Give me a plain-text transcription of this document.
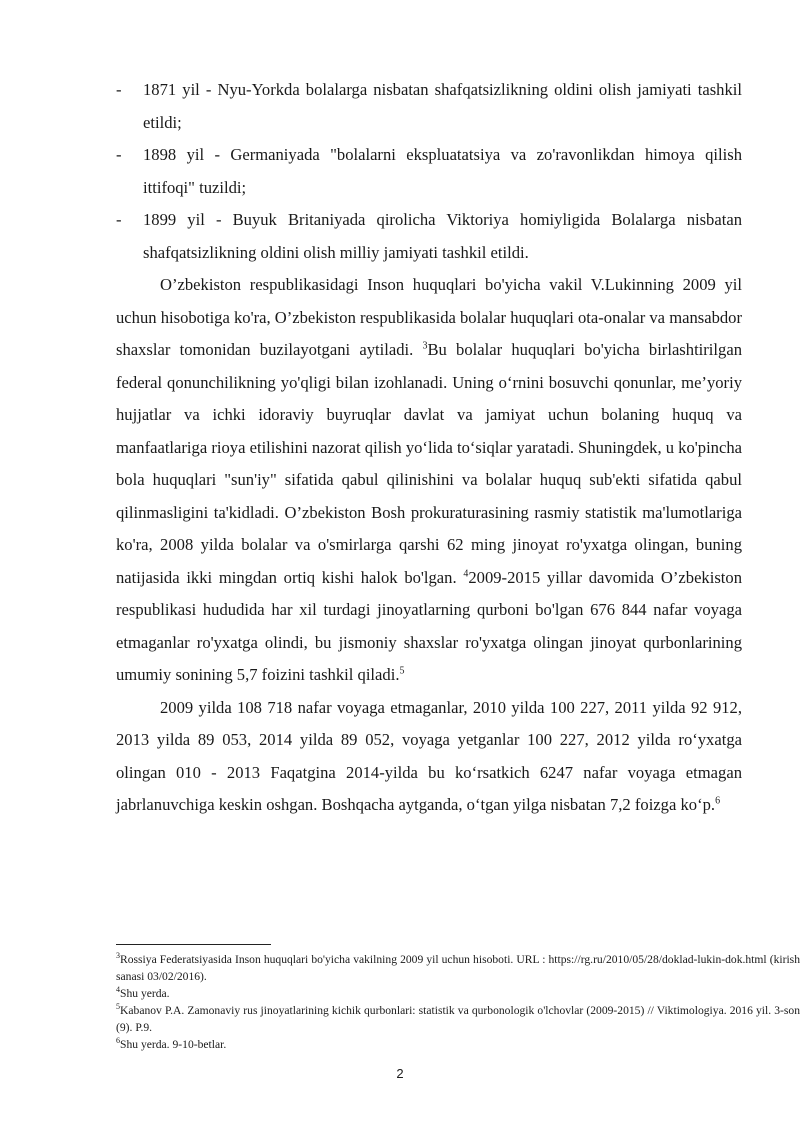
- 1871 yil - Nyu-Yorkda bolalarga nisbatan shafqatsizlikning oldini olish jamiyati tashkil etildi;
- 1898 yil - Germaniyada "bolalarni ekspluatatsiya va zo'ravonlikdan himoya qilish ittifoqi" tuzildi;
- 1899 yil - Buyuk Britaniyada qirolicha Viktoriya homiyligida Bolalarga nisbatan shafqatsizlikning oldini olish milliy jamiyati tashkil etildi.

O’zbekiston respublikasidagi Inson huquqlari bo'yicha vakil V.Lukinning 2009 yil uchun hisobotiga ko'ra, O’zbekiston respublikasida bolalar huquqlari ota-onalar va mansabdor shaxslar tomonidan buzilayotgani aytiladi. $^3$Bu bolalar huquqlari bo'yicha birlashtirilgan federal qonunchilikning yo'qligi bilan izohlanadi. Uning o‘rnini bosuvchi qonunlar, me’yoriy hujjatlar va ichki idoraviy buyruqlar davlat va jamiyat uchun bolaning huquq va manfaatlariga rioya etilishini nazorat qilish yo‘lida to‘siqlar yaratadi. Shuningdek, u ko'pincha bola huquqlari "sun'iy" sifatida qabul qilinishini va bolalar huquq sub'ekti sifatida qabul qilinmasligini ta'kidladi. O’zbekiston Bosh prokuraturasining rasmiy statistik ma'lumotlariga ko'ra, 2008 yilda bolalar va o'smirlarga qarshi 62 ming jinoyat ro'yxatga olingan, buning natijasida ikki mingdan ortiq kishi halok bo'lgan. $^4$2009-2015 yillar davomida O’zbekiston respublikasi hududida har xil turdagi jinoyatlarning qurboni bo'lgan 676 844 nafar voyaga etmaganlar ro'yxatga olindi, bu jismoniy shaxslar ro'yxatga olingan jinoyat qurbonlarining umumiy sonining 5,7 foizini tashkil qiladi.$^5$

2009 yilda 108 718 nafar voyaga etmaganlar, 2010 yilda 100 227, 2011 yilda 92 912, 2013 yilda 89 053, 2014 yilda 89 052, voyaga yetganlar 100 227, 2012 yilda ro‘yxatga olingan 010 - 2013 Faqatgina 2014-yilda bu ko‘rsatkich 6247 nafar voyaga etmagan jabrlanuvchiga keskin oshgan. Boshqacha aytganda, o‘tgan yilga nisbatan 7,2 foizga ko‘p.$^6$

$^3$Rossiya Federatsiyasida Inson huquqlari bo'yicha vakilning 2009 yil uchun hisoboti. URL : https://rg.ru/2010/05/28/doklad-lukin-dok.html (kirish sanasi 03/02/2016).

$^4$Shu yerda.

$^5$Kabanov P.A. Zamonaviy rus jinoyatlarining kichik qurbonlari: statistik va qurbonologik o'lchovlar (2009-2015) // Viktimologiya. 2016 yil. 3-son (9). P.9.

$^6$Shu yerda. 9-10-betlar.

2
